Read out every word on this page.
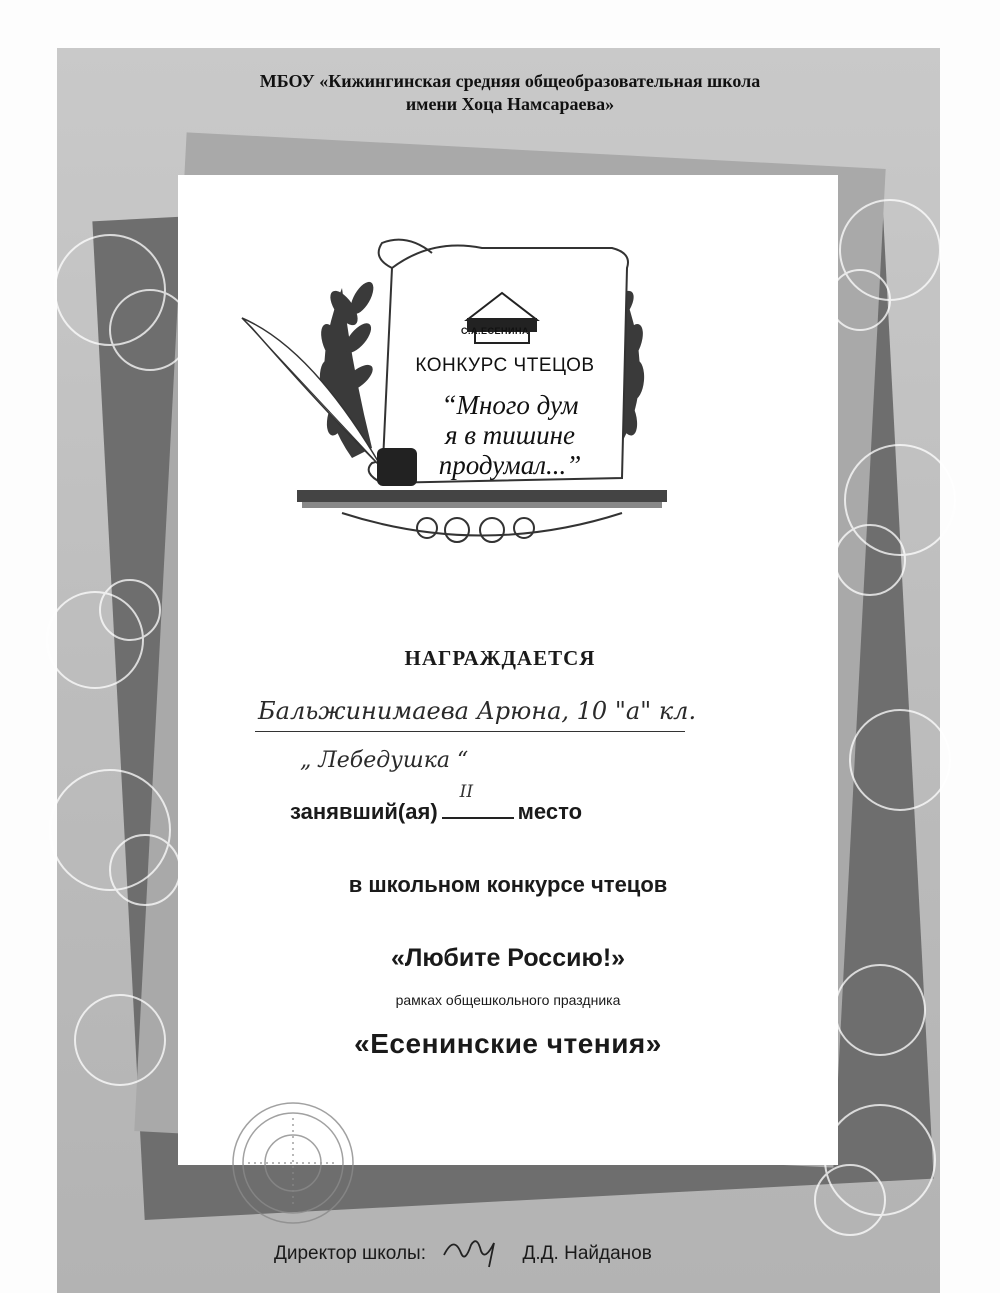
МБОУ «Кижингинская средняя общеобразовательная школа
имени Хоца Намсараева»
С.А.ЕСЕНИНА
КОНКУРС ЧТЕЦОВ
“Много дум
я в тишине
продумал...”
НАГРАЖДАЕТСЯ
Бальжинимаева Арюна, 10 "а" кл.
„ Лебедушка “
занявший(ая)
II
место
в школьном конкурсе чтецов
«Любите Россию!»
рамках общешкольного праздника
«Есенинские чтения»
Директор школы:	Д.Д. Найданов
